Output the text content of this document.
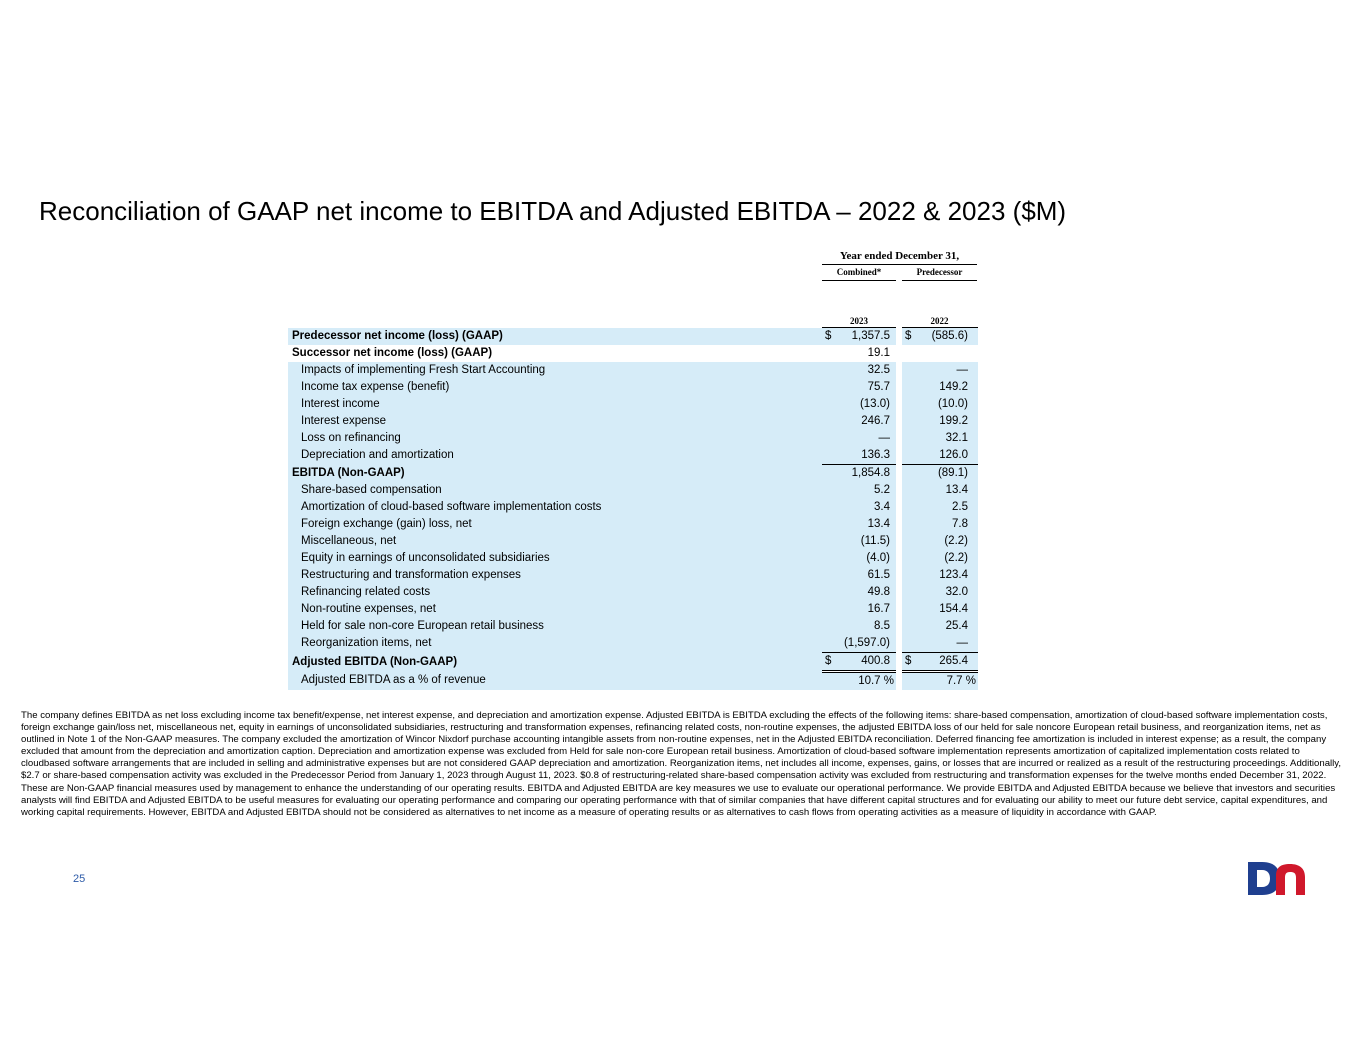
Reconciliation of GAAP net income to EBITDA and Adjusted EBITDA – 2022 & 2023 ($M)
Year ended December 31,
Combined*	Predecessor
2023	2022
Predecessor net income (loss) (GAAP)	$ 1,357.5		$ (585.6)
Successor net income (loss) (GAAP)	19.1		
Impacts of implementing Fresh Start Accounting	32.5		—
Income tax expense (benefit)	75.7		149.2
Interest income	(13.0)		(10.0)
Interest expense	246.7		199.2
Loss on refinancing	—		32.1
Depreciation and amortization	136.3		126.0
EBITDA (Non-GAAP)	1,854.8		(89.1)
Share-based compensation	5.2		13.4
Amortization of cloud-based software implementation costs	3.4		2.5
Foreign exchange (gain) loss, net	13.4		7.8
Miscellaneous, net	(11.5)		(2.2)
Equity in earnings of unconsolidated subsidiaries	(4.0)		(2.2)
Restructuring and transformation expenses	61.5		123.4
Refinancing related costs	49.8		32.0
Non-routine expenses, net	16.7		154.4
Held for sale non-core European retail business	8.5		25.4
Reorganization items, net	(1,597.0)		—
Adjusted EBITDA (Non-GAAP)	$ 400.8		$ 265.4
Adjusted EBITDA as a % of revenue	10.7 %		7.7 %

The company defines EBITDA as net loss excluding income tax benefit/expense, net interest expense, and depreciation and amortization expense. Adjusted EBITDA is EBITDA excluding the effects of the following items: share-based compensation, amortization of cloud-based software implementation costs, foreign exchange gain/loss net, miscellaneous net, equity in earnings of unconsolidated subsidiaries, restructuring and transformation expenses, refinancing related costs, non-routine expenses, the adjusted EBITDA loss of our held for sale noncore European retail business, and reorganization items, net as outlined in Note 1 of the Non-GAAP measures. The company excluded the amortization of Wincor Nixdorf purchase accounting intangible assets from non-routine expenses, net in the Adjusted EBITDA reconciliation. Deferred financing fee amortization is included in interest expense; as a result, the company excluded that amount from the depreciation and amortization caption. Depreciation and amortization expense was excluded from Held for sale non-core European retail business. Amortization of cloud-based software implementation represents amortization of capitalized implementation costs related to cloudbased software arrangements that are included in selling and administrative expenses but are not considered GAAP depreciation and amortization. Reorganization items, net includes all income, expenses, gains, or losses that are incurred or realized as a result of the restructuring proceedings. Additionally, $2.7 or share-based compensation activity was excluded in the Predecessor Period from January 1, 2023 through August 11, 2023. $0.8 of restructuring-related share-based compensation activity was excluded from restructuring and transformation expenses for the twelve months ended December 31, 2022. These are Non-GAAP financial measures used by management to enhance the understanding of our operating results. EBITDA and Adjusted EBITDA are key measures we use to evaluate our operational performance. We provide EBITDA and Adjusted EBITDA because we believe that investors and securities analysts will find EBITDA and Adjusted EBITDA to be useful measures for evaluating our operating performance and comparing our operating performance with that of similar companies that have different capital structures and for evaluating our ability to meet our future debt service, capital expenditures, and working capital requirements. However, EBITDA and Adjusted EBITDA should not be considered as alternatives to net income as a measure of operating results or as alternatives to cash flows from operating activities as a measure of liquidity in accordance with GAAP.

25
